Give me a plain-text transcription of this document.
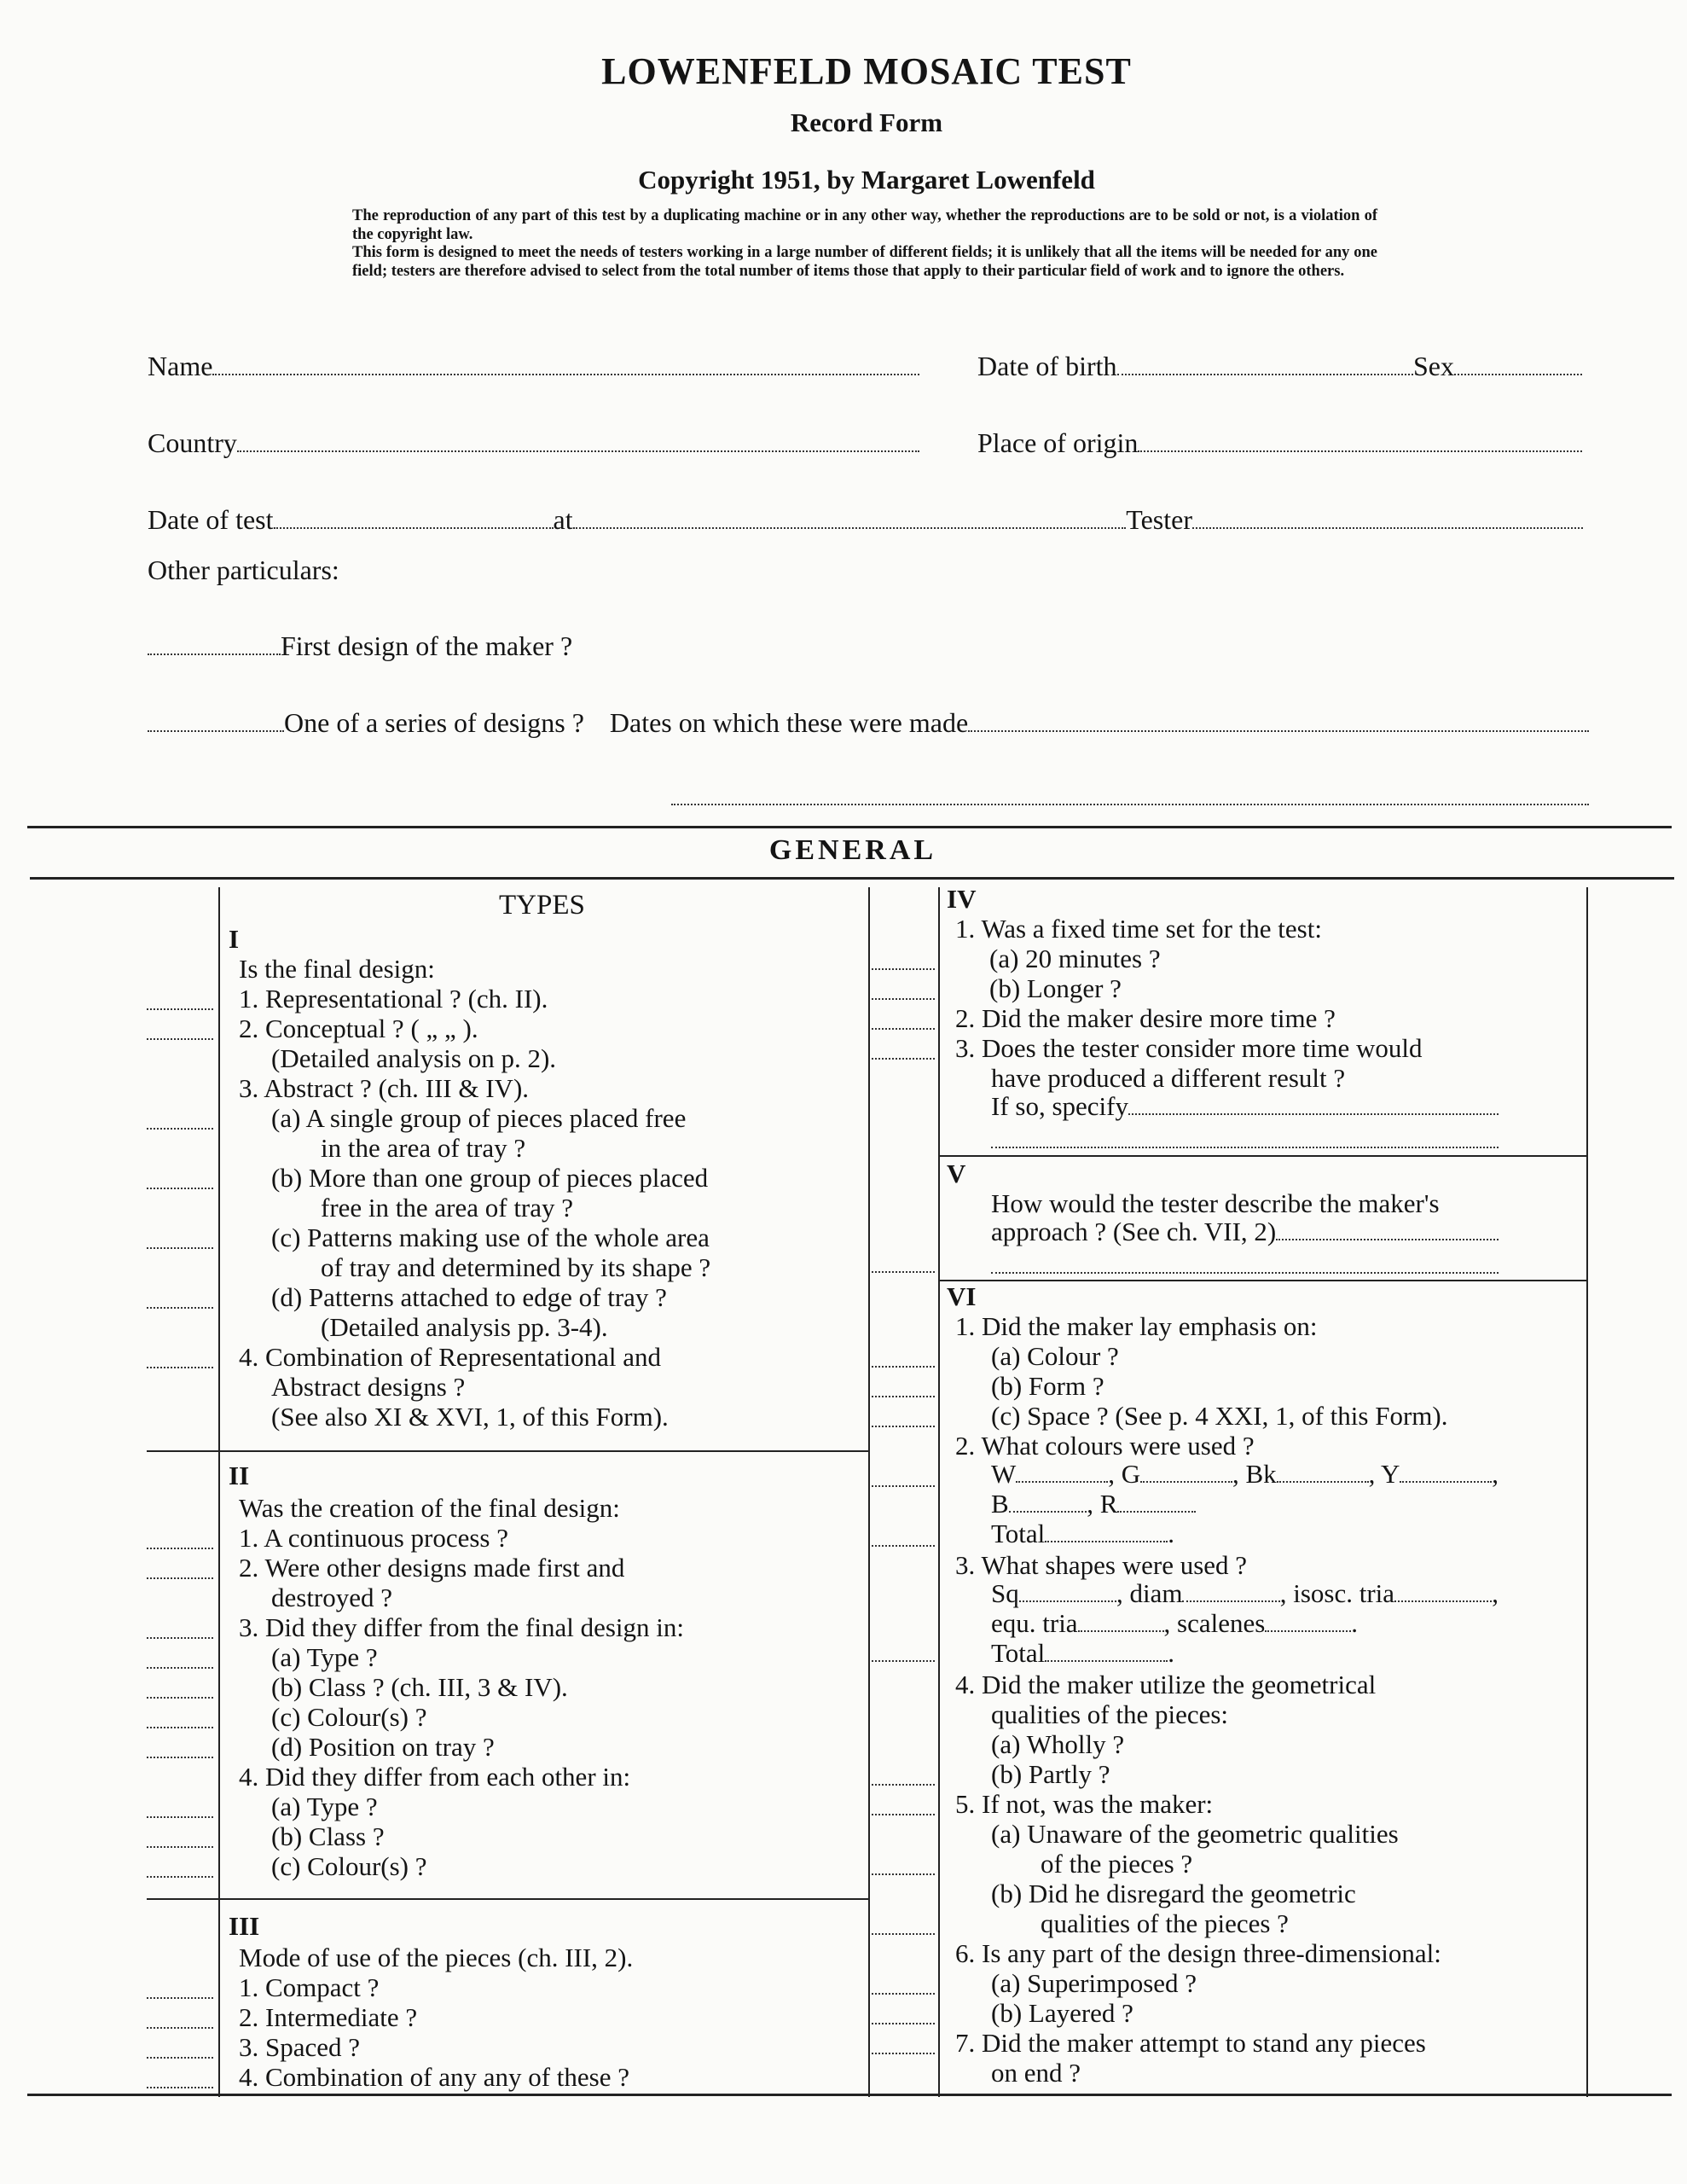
LOWENFELD MOSAIC TEST
Record Form
Copyright 1951, by Margaret Lowenfeld

The reproduction of any part of this test by a duplicating machine or in any other way, whether the reproductions are to be sold or not, is a violation of the copyright law.

This form is designed to meet the needs of testers working in a large number of different fields; it is unlikely that all the items will be needed for any one field; testers are therefore advised to select from the total number of items those that apply to their particular field of work and to ignore the others.

Name	Date of birth	Sex
Country	Place of origin
Date of test	at	Tester
Other particulars:
First design of the maker ?
One of a series of designs ? Dates on which these were made
GENERAL
TYPES
I
Is the final design:
1. Representational ? (ch. II).
2. Conceptual ? ( „ „ ).
(Detailed analysis on p. 2).
3. Abstract ? (ch. III & IV).
(a) A single group of pieces placed free
in the area of tray ?
(b) More than one group of pieces placed
free in the area of tray ?
(c) Patterns making use of the whole area
of tray and determined by its shape ?
(d) Patterns attached to edge of tray ?
(Detailed analysis pp. 3-4).
4. Combination of Representational and
Abstract designs ?
(See also XI & XVI, 1, of this Form).
II
Was the creation of the final design:
1. A continuous process ?
2. Were other designs made first and
destroyed ?
3. Did they differ from the final design in:
(a) Type ?
(b) Class ? (ch. III, 3 & IV).
(c) Colour(s) ?
(d) Position on tray ?
4. Did they differ from each other in:
(a) Type ?
(b) Class ?
(c) Colour(s) ?
III
Mode of use of the pieces (ch. III, 2).
1. Compact ?
2. Intermediate ?
3. Spaced ?
4. Combination of any any of these ?
IV
1. Was a fixed time set for the test:
(a) 20 minutes ?
(b) Longer ?
2. Did the maker desire more time ?
3. Does the tester consider more time would
have produced a different result ?
If so, specify
V
How would the tester describe the maker's
approach ? (See ch. VII, 2)
VI
1. Did the maker lay emphasis on:
(a) Colour ?
(b) Form ?
(c) Space ? (See p. 4 XXI, 1, of this Form).
2. What colours were used ?
W	, G	, Bk	, Y	,
B	, R
Total	.
3. What shapes were used ?
Sq	, diam	, isosc. tria	,
equ. tria	, scalenes	.
Total	.
4. Did the maker utilize the geometrical
qualities of the pieces:
(a) Wholly ?
(b) Partly ?
5. If not, was the maker:
(a) Unaware of the geometric qualities
of the pieces ?
(b) Did he disregard the geometric
qualities of the pieces ?
6. Is any part of the design three-dimensional:
(a) Superimposed ?
(b) Layered ?
7. Did the maker attempt to stand any pieces
on end ?
